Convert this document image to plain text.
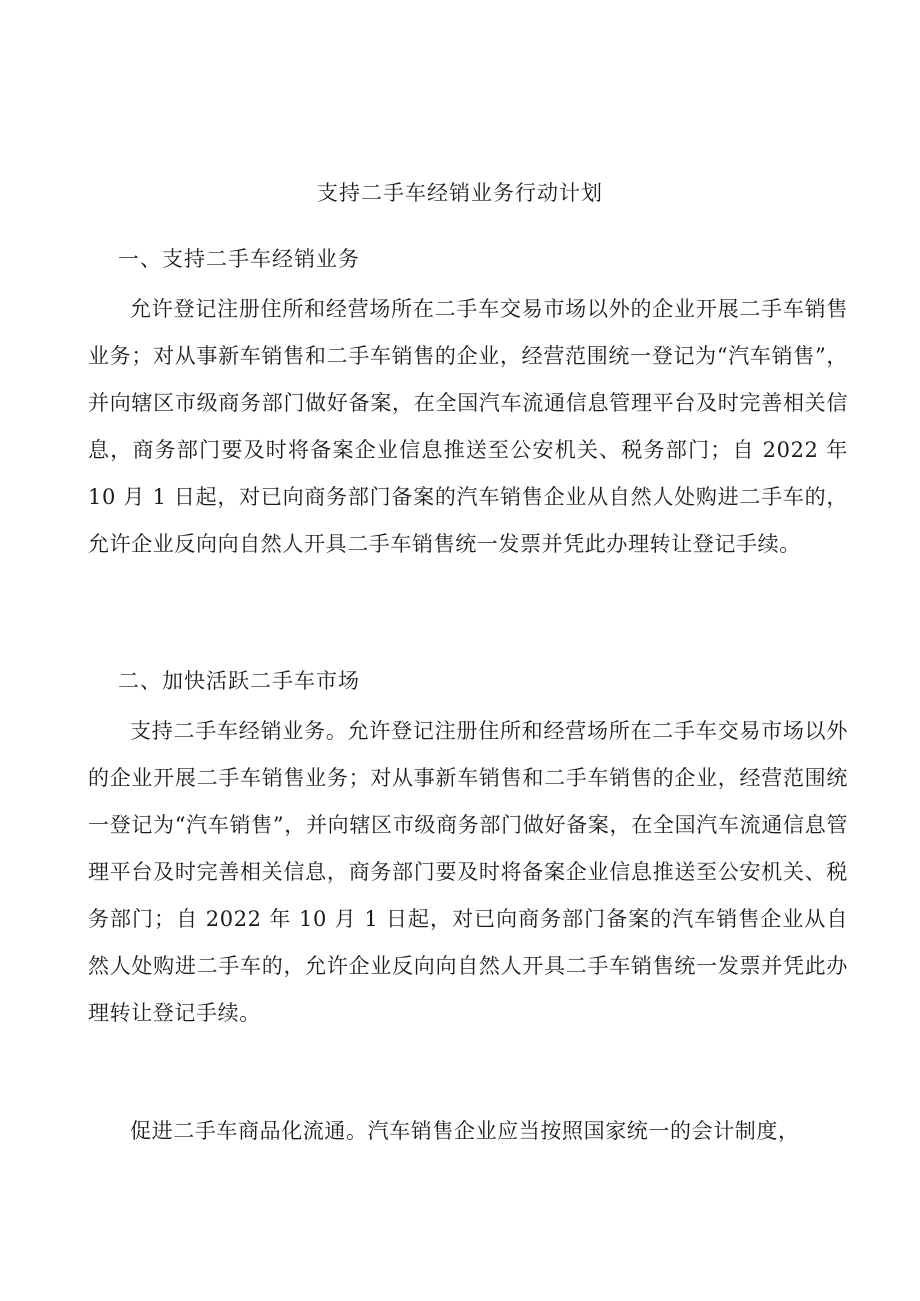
支持二手车经销业务行动计划
一、支持二手车经销业务
允许登记注册住所和经营场所在二手车交易市场以外的企业开展二手车销售业务；对从事新车销售和二手车销售的企业，经营范围统一登记为“汽车销售”，并向辖区市级商务部门做好备案，在全国汽车流通信息管理平台及时完善相关信息，商务部门要及时将备案企业信息推送至公安机关、税务部门；自 2022 年 10 月 1 日起，对已向商务部门备案的汽车销售企业从自然人处购进二手车的，允许企业反向向自然人开具二手车销售统一发票并凭此办理转让登记手续。
二、加快活跃二手车市场
支持二手车经销业务。允许登记注册住所和经营场所在二手车交易市场以外的企业开展二手车销售业务；对从事新车销售和二手车销售的企业，经营范围统一登记为“汽车销售”，并向辖区市级商务部门做好备案，在全国汽车流通信息管理平台及时完善相关信息，商务部门要及时将备案企业信息推送至公安机关、税务部门；自 2022 年 10 月 1 日起，对已向商务部门备案的汽车销售企业从自然人处购进二手车的，允许企业反向向自然人开具二手车销售统一发票并凭此办理转让登记手续。
促进二手车商品化流通。汽车销售企业应当按照国家统一的会计制度，
